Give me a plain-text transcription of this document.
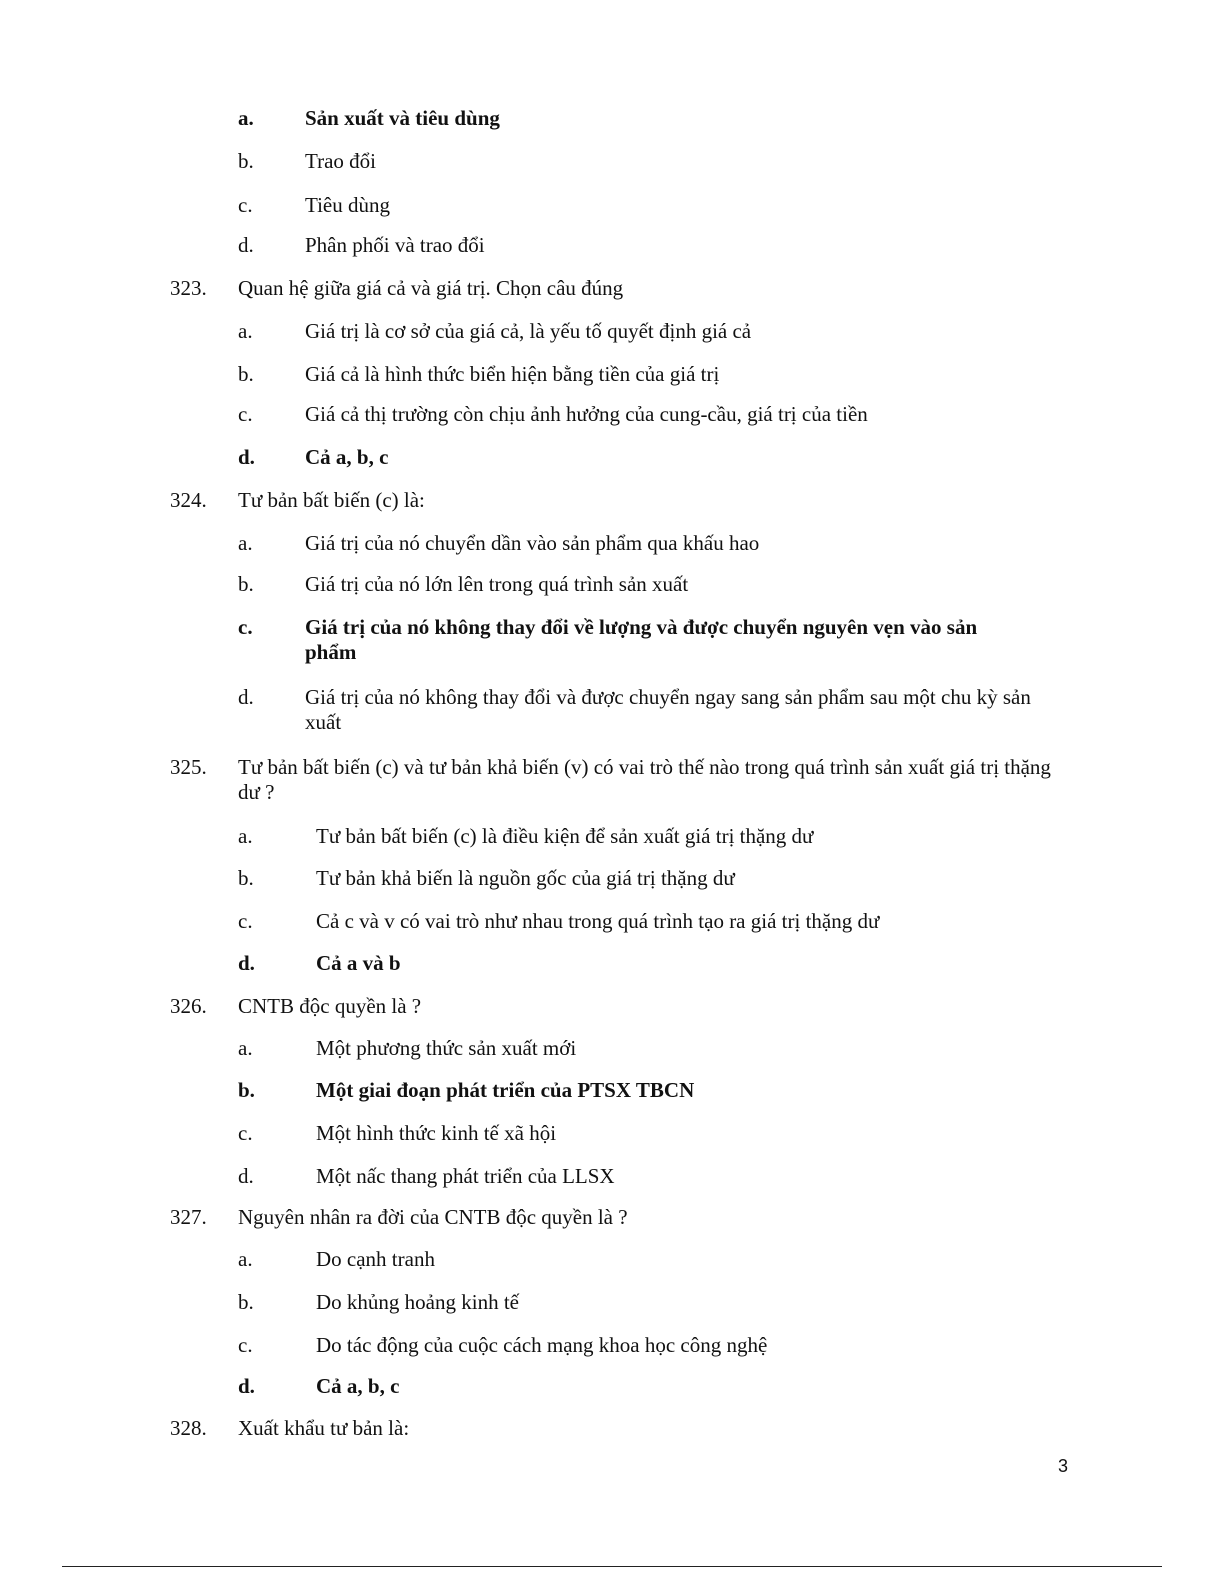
a. Sản xuất và tiêu dùng
b. Trao đổi
c. Tiêu dùng
d. Phân phối và trao đổi
323. Quan hệ giữa giá cả và giá trị. Chọn câu đúng
a. Giá trị là cơ sở của giá cả, là yếu tố quyết định giá cả
b. Giá cả là hình thức biển hiện bằng tiền của giá trị
c. Giá cả thị trường còn chịu ảnh hưởng của cung-cầu, giá trị của tiền
d. Cả a, b, c
324. Tư bản bất biến (c) là:
a. Giá trị của nó chuyển dần vào sản phẩm qua khấu hao
b. Giá trị của nó lớn lên trong quá trình sản xuất
c. Giá trị của nó không thay đổi về lượng và được chuyển nguyên vẹn vào sản phẩm
d. Giá trị của nó không thay đổi và được chuyển ngay sang sản phẩm sau một chu kỳ sản xuất
325. Tư bản bất biến (c) và tư bản khả biến (v) có vai trò thế nào trong quá trình sản xuất giá trị thặng dư ?
a.	Tư bản bất biến (c) là điều kiện để sản xuất giá trị thặng dư
b.	Tư bản khả biến là nguồn gốc của giá trị thặng dư
c.	Cả c và v có vai trò như nhau trong quá trình tạo ra giá trị thặng dư
d.	Cả a và b
326. CNTB độc quyền là ?
a.	Một phương thức sản xuất mới
b.	Một giai đoạn phát triển của PTSX TBCN
c.	Một hình thức kinh tế xã hội
d.	Một nấc thang phát triển của LLSX
327. Nguyên nhân ra đời của CNTB độc quyền là ?
a.	Do cạnh tranh
b.	Do khủng hoảng kinh tế
c.	Do tác động của cuộc cách mạng khoa học công nghệ
d.	Cả a, b, c
328. Xuất khẩu tư bản là:
3
